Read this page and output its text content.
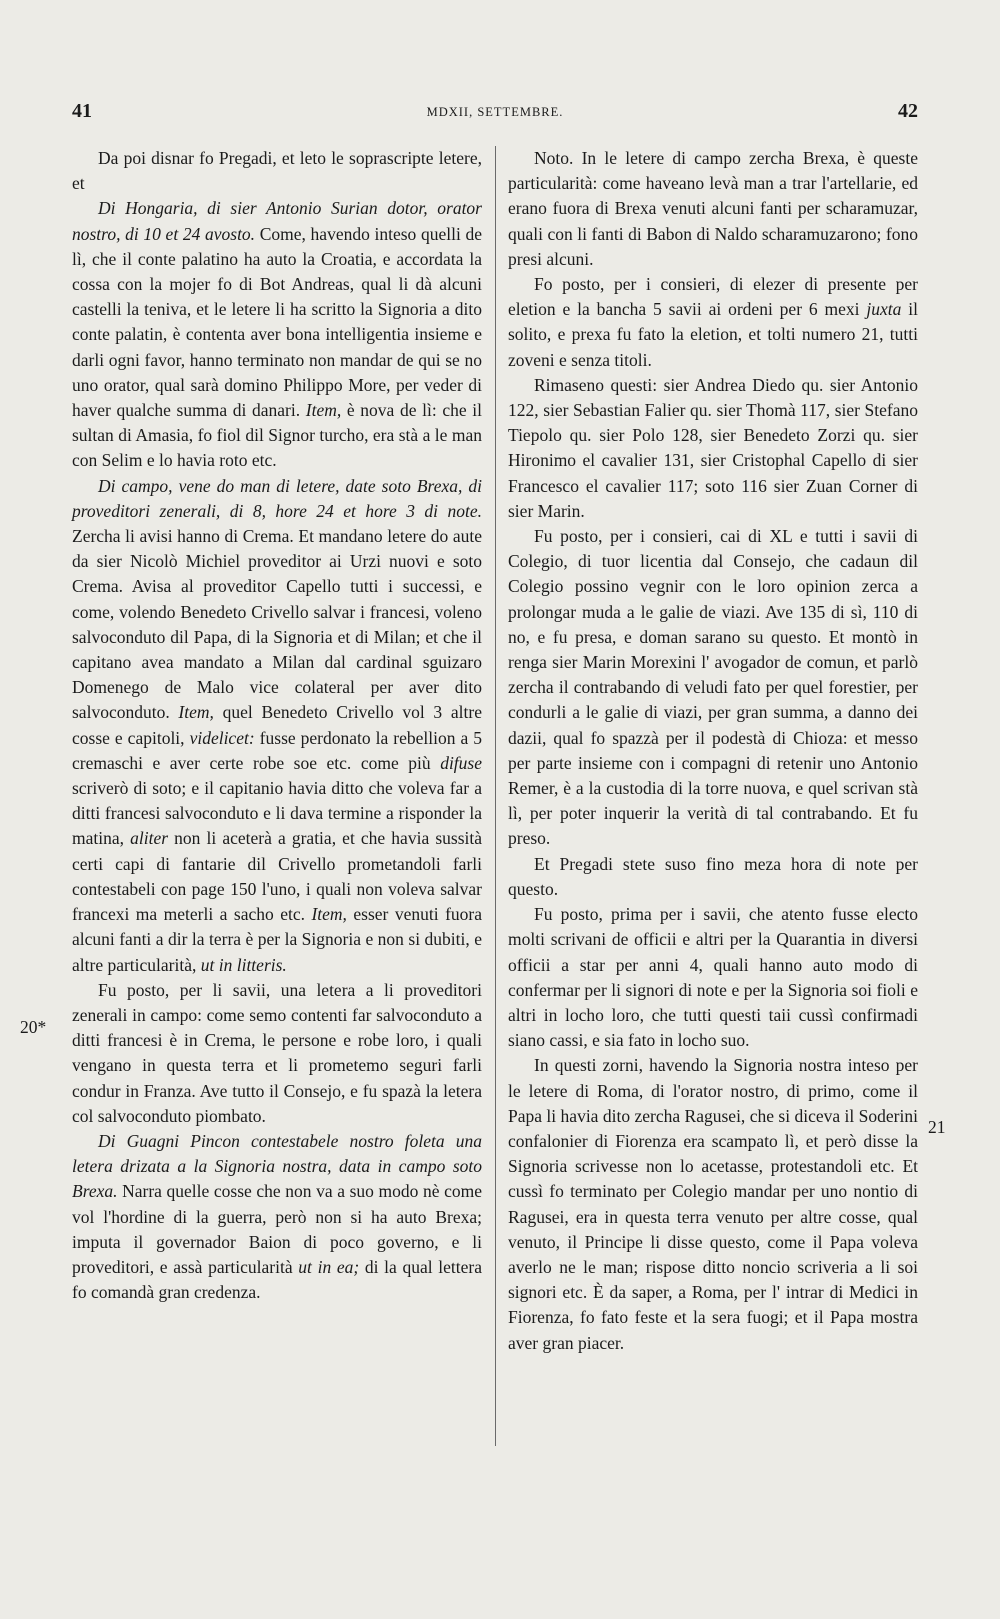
41	MDXII, SETTEMBRE.	42
20*
21

Da poi disnar fo Pregadi, et leto le soprascripte letere, et

Di Hongaria, di sier Antonio Surian dotor, orator nostro, di 10 et 24 avosto. Come, havendo inteso quelli de lì, che il conte palatino ha auto la Croatia, e accordata la cossa con la mojer fo di Bot Andreas, qual li dà alcuni castelli la teniva, et le letere li ha scritto la Signoria a dito conte palatin, è contenta aver bona intelligentia insieme e darli ogni favor, hanno terminato non mandar de qui se no uno orator, qual sarà domino Philippo More, per veder di haver qualche summa di danari. Item, è nova de lì: che il sultan di Amasia, fo fiol dil Signor turcho, era stà a le man con Selim e lo havia roto etc.

Di campo, vene do man di letere, date soto Brexa, di proveditori zenerali, di 8, hore 24 et hore 3 di note. Zercha li avisi hanno di Crema. Et mandano letere do aute da sier Nicolò Michiel proveditor ai Urzi nuovi e soto Crema. Avisa al proveditor Capello tutti i successi, e come, volendo Benedeto Crivello salvar i francesi, voleno salvoconduto dil Papa, di la Signoria et di Milan; et che il capitano avea mandato a Milan dal cardinal sguizaro Domenego de Malo vice colateral per aver dito salvoconduto. Item, quel Benedeto Crivello vol 3 altre cosse e capitoli, videlicet: fusse perdonato la rebellion a 5 cremaschi e aver certe robe soe etc. come più difuse scriverò di soto; e il capitanio havia ditto che voleva far a ditti francesi salvoconduto e li dava termine a risponder la matina, aliter non li aceterà a gratia, et che havia sussità certi capi di fantarie dil Crivello prometandoli farli contestabeli con page 150 l'uno, i quali non voleva salvar francexi ma meterli a sacho etc. Item, esser venuti fuora alcuni fanti a dir la terra è per la Signoria e non si dubiti, e altre particularità, ut in litteris.

Fu posto, per li savii, una letera a li proveditori zenerali in campo: come semo contenti far salvoconduto a ditti francesi è in Crema, le persone e robe loro, i quali vengano in questa terra et li prometemo seguri farli condur in Franza. Ave tutto il Consejo, e fu spazà la letera col salvoconduto piombato.

Di Guagni Pincon contestabele nostro foleta una letera drizata a la Signoria nostra, data in campo soto Brexa. Narra quelle cosse che non va a suo modo nè come vol l'hordine di la guerra, però non si ha auto Brexa; imputa il governador Baion di poco governo, e li proveditori, e assà particularità ut in ea; di la qual lettera fo comandà gran credenza.

Noto. In le letere di campo zercha Brexa, è queste particularità: come haveano levà man a trar l'artellarie, ed erano fuora di Brexa venuti alcuni fanti per scharamuzar, quali con li fanti di Babon di Naldo scharamuzarono; fono presi alcuni.

Fo posto, per i consieri, di elezer di presente per eletion e la bancha 5 savii ai ordeni per 6 mexi juxta il solito, e prexa fu fato la eletion, et tolti numero 21, tutti zoveni e senza titoli.

Rimaseno questi: sier Andrea Diedo qu. sier Antonio 122, sier Sebastian Falier qu. sier Thomà 117, sier Stefano Tiepolo qu. sier Polo 128, sier Benedeto Zorzi qu. sier Hironimo el cavalier 131, sier Cristophal Capello di sier Francesco el cavalier 117; soto 116 sier Zuan Corner di sier Marin.

Fu posto, per i consieri, cai di XL e tutti i savii di Colegio, di tuor licentia dal Consejo, che cadaun dil Colegio possino vegnir con le loro opinion zerca a prolongar muda a le galie de viazi. Ave 135 di sì, 110 di no, e fu presa, e doman sarano su questo. Et montò in renga sier Marin Morexini l' avogador de comun, et parlò zercha il contrabando di veludi fato per quel forestier, per condurli a le galie di viazi, per gran summa, a danno dei dazii, qual fo spazzà per il podestà di Chioza: et messo per parte insieme con i compagni di retenir uno Antonio Remer, è a la custodia di la torre nuova, e quel scrivan stà lì, per poter inquerir la verità di tal contrabando. Et fu preso.

Et Pregadi stete suso fino meza hora di note per questo.

Fu posto, prima per i savii, che atento fusse electo molti scrivani de officii e altri per la Quarantia in diversi officii a star per anni 4, quali hanno auto modo di confermar per li signori di note e per la Signoria soi fioli e altri in locho loro, che tutti questi taii cussì confirmadi siano cassi, e sia fato in locho suo.

In questi zorni, havendo la Signoria nostra inteso per le letere di Roma, di l'orator nostro, di primo, come il Papa li havia dito zercha Ragusei, che si diceva il Soderini confalonier di Fiorenza era scampato lì, et però disse la Signoria scrivesse non lo acetasse, protestandoli etc. Et cussì fo terminato per Colegio mandar per uno nontio di Ragusei, era in questa terra venuto per altre cosse, qual venuto, il Principe li disse questo, come il Papa voleva averlo ne le man; rispose ditto noncio scriveria a li soi signori etc. È da saper, a Roma, per l' intrar di Medici in Fiorenza, fo fato feste et la sera fuogi; et il Papa mostra aver gran piacer.
